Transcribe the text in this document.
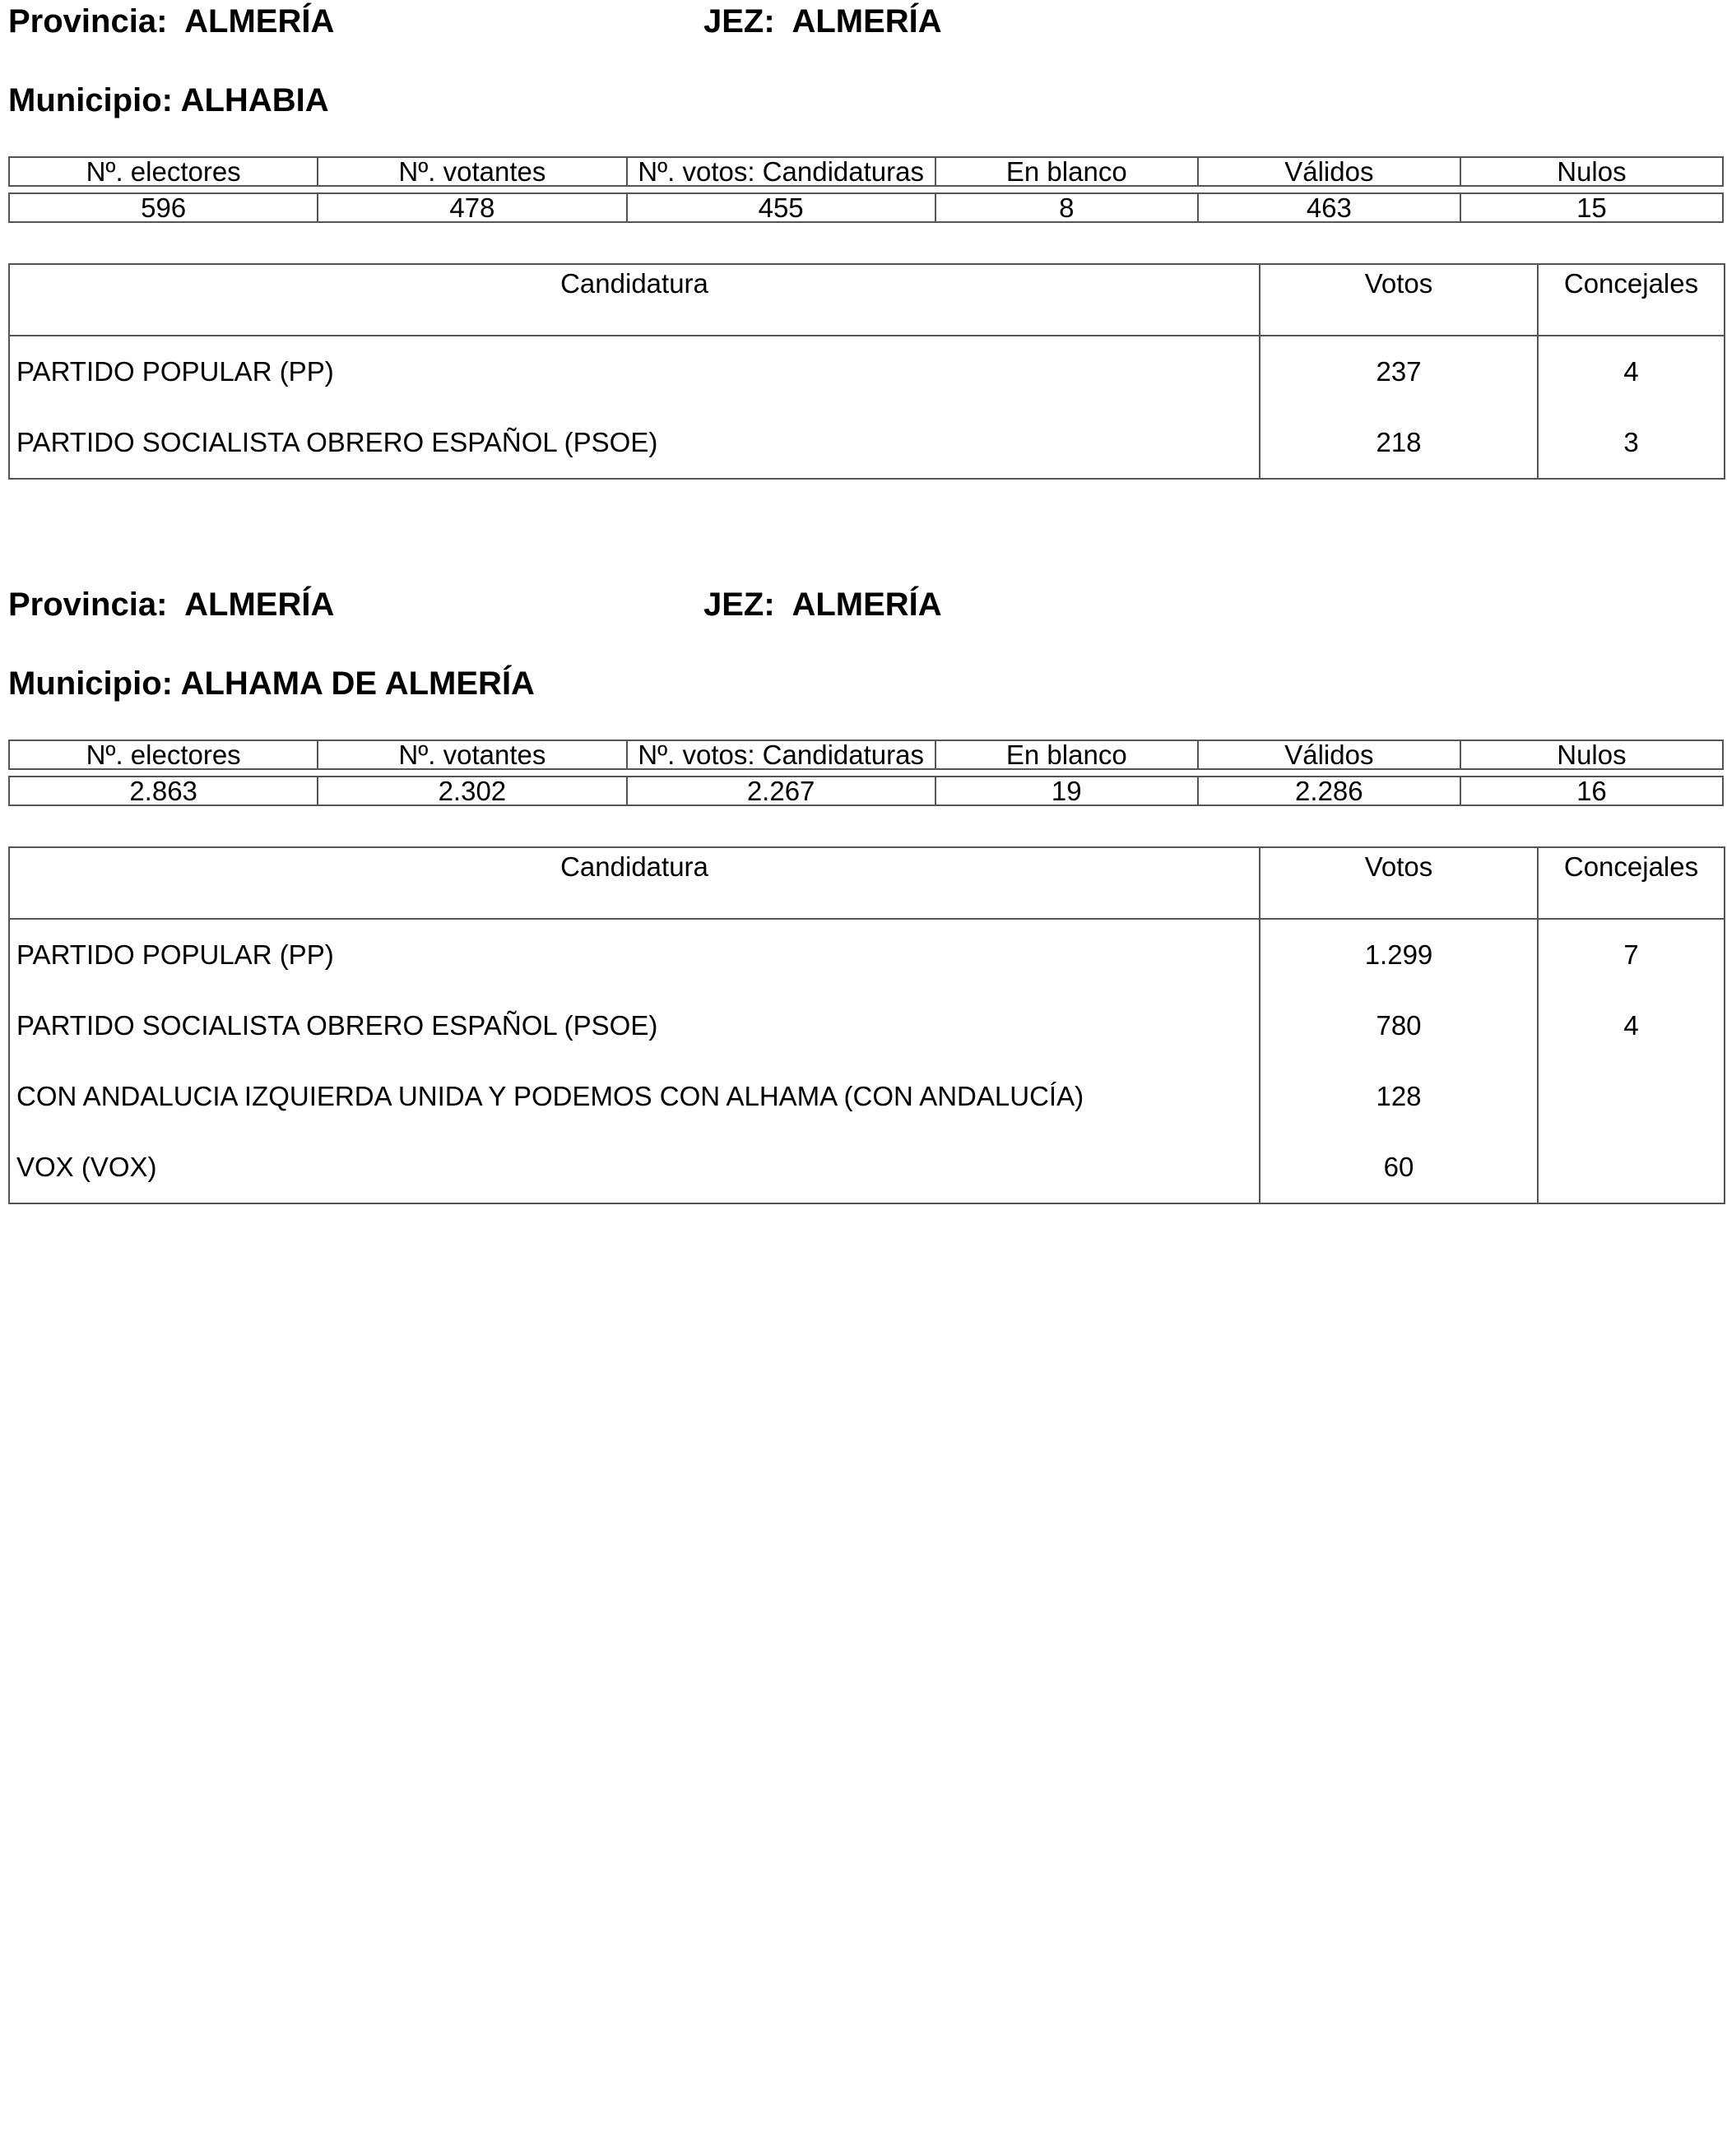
Provincia: ALMERÍA	JEZ: ALMERÍA
Municipio: ALHABIA
Nº. electores	Nº. votantes	Nº. votos: Candidaturas	En blanco	Válidos	Nulos

596	478	455	8	463	15
Candidatura	Votos	Concejales
PARTIDO POPULAR (PP)	237	4
PARTIDO SOCIALISTA OBRERO ESPAÑOL (PSOE)	218	3
Provincia: ALMERÍA	JEZ: ALMERÍA
Municipio: ALHAMA DE ALMERÍA
Nº. electores	Nº. votantes	Nº. votos: Candidaturas	En blanco	Válidos	Nulos

2.863	2.302	2.267	19	2.286	16
Candidatura	Votos	Concejales
PARTIDO POPULAR (PP)	1.299	7
PARTIDO SOCIALISTA OBRERO ESPAÑOL (PSOE)	780	4
CON ANDALUCIA IZQUIERDA UNIDA Y PODEMOS CON ALHAMA (CON ANDALUCÍA)	128	
VOX (VOX)	60	
